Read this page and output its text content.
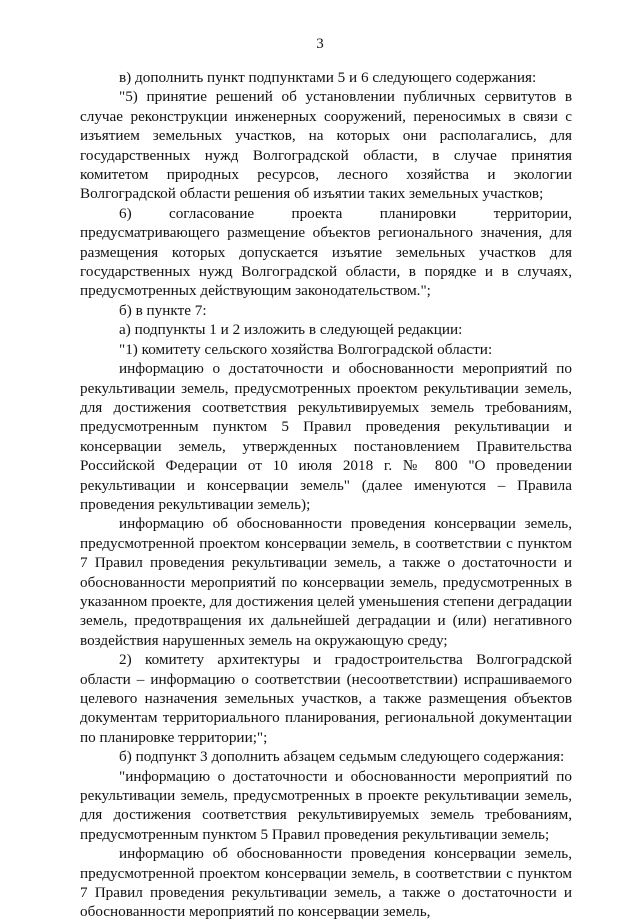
3

в) дополнить пункт подпунктами 5 и 6 следующего содержания:

"5) принятие решений об установлении публичных сервитутов в случае реконструкции инженерных сооружений, переносимых в связи с изъятием земельных участков, на которых они располагались, для государственных нужд Волгоградской области, в случае принятия комитетом природных ресурсов, лесного хозяйства и экологии Волгоградской области решения об изъятии таких земельных участков;

6) согласование проекта планировки территории, предусматривающего размещение объектов регионального значения, для размещения которых допускается изъятие земельных участков для государственных нужд Волгоградской области, в порядке и в случаях, предусмотренных действующим законодательством.";

б) в пункте 7:

а) подпункты 1 и 2 изложить в следующей редакции:

"1) комитету сельского хозяйства Волгоградской области:

информацию о достаточности и обоснованности мероприятий по рекультивации земель, предусмотренных проектом рекультивации земель, для достижения соответствия рекультивируемых земель требованиям, предусмотренным пунктом 5 Правил проведения рекультивации и консервации земель, утвержденных постановлением Правительства Российской Федерации от 10 июля 2018 г. № 800 "О проведении рекультивации и консервации земель" (далее именуются – Правила проведения рекультивации земель);

информацию об обоснованности проведения консервации земель, предусмотренной проектом консервации земель, в соответствии с пунктом 7 Правил проведения рекультивации земель, а также о достаточности и обоснованности мероприятий по консервации земель, предусмотренных в указанном проекте, для достижения целей уменьшения степени деградации земель, предотвращения их дальнейшей деградации и (или) негативного воздействия нарушенных земель на окружающую среду;

2) комитету архитектуры и градостроительства Волгоградской области – информацию о соответствии (несоответствии) испрашиваемого целевого назначения земельных участков, а также размещения объектов документам территориального планирования, региональной документации по планировке территории;";

б) подпункт 3 дополнить абзацем седьмым следующего содержания:

"информацию о достаточности и обоснованности мероприятий по рекультивации земель, предусмотренных в проекте рекультивации земель, для достижения соответствия рекультивируемых земель требованиям, предусмотренным пунктом 5 Правил проведения рекультивации земель;

информацию об обоснованности проведения консервации земель, предусмотренной проектом консервации земель, в соответствии с пунктом 7 Правил проведения рекультивации земель, а также о достаточности и обоснованности мероприятий по консервации земель,
